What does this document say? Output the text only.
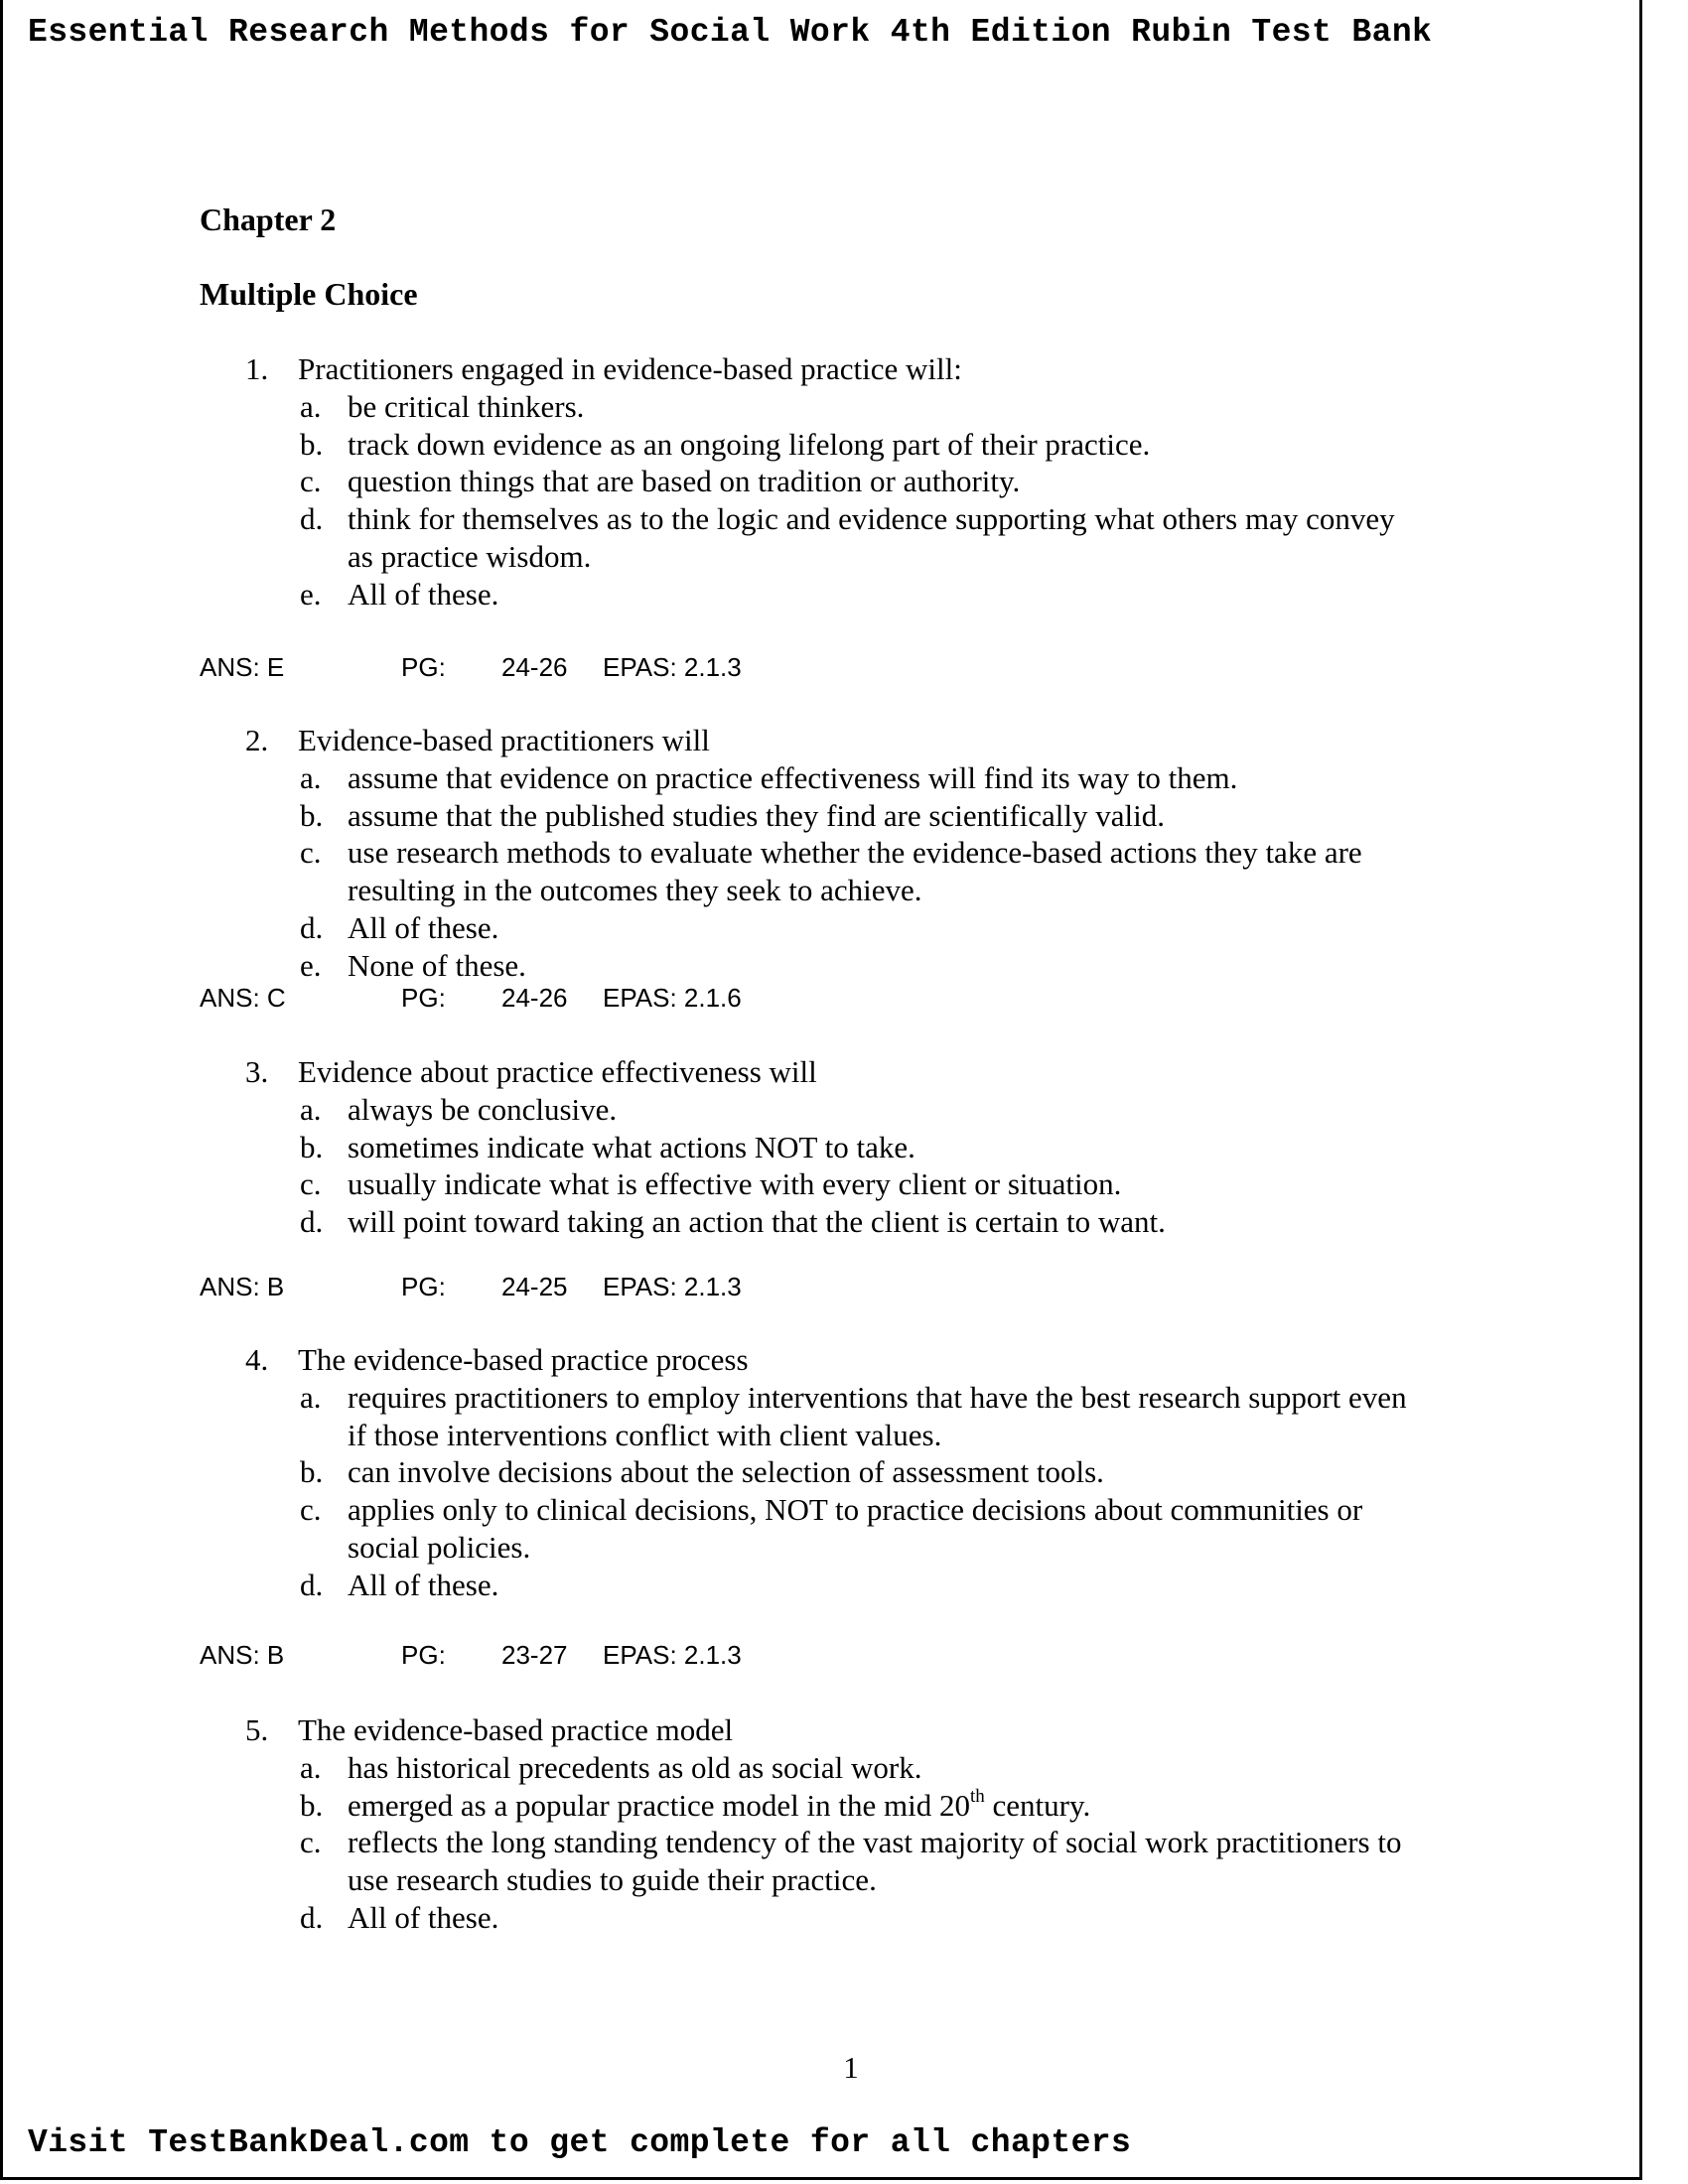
Essential Research Methods for Social Work 4th Edition Rubin Test Bank
Chapter 2
Multiple Choice
1. Practitioners engaged in evidence-based practice will:
a. be critical thinkers.
b. track down evidence as an ongoing lifelong part of their practice.
c. question things that are based on tradition or authority.
d. think for themselves as to the logic and evidence supporting what others may convey
as practice wisdom.
e. All of these.
ANS: E	PG: 24-26 EPAS: 2.1.3
2. Evidence-based practitioners will
a. assume that evidence on practice effectiveness will find its way to them.
b. assume that the published studies they find are scientifically valid.
c. use research methods to evaluate whether the evidence-based actions they take are
resulting in the outcomes they seek to achieve.
d. All of these.
e. None of these.
ANS: C	PG: 24-26 EPAS: 2.1.6
3. Evidence about practice effectiveness will
a. always be conclusive.
b. sometimes indicate what actions NOT to take.
c. usually indicate what is effective with every client or situation.
d. will point toward taking an action that the client is certain to want.
ANS: B	PG: 24-25 EPAS: 2.1.3
4. The evidence-based practice process
a. requires practitioners to employ interventions that have the best research support even
if those interventions conflict with client values.
b. can involve decisions about the selection of assessment tools.
c. applies only to clinical decisions, NOT to practice decisions about communities or
social policies.
d. All of these.
ANS: B	PG: 23-27 EPAS: 2.1.3
5. The evidence-based practice model
a. has historical precedents as old as social work.
b. emerged as a popular practice model in the mid 20th century.
c. reflects the long standing tendency of the vast majority of social work practitioners to
use research studies to guide their practice.
d. All of these.
1
Visit TestBankDeal.com to get complete for all chapters
